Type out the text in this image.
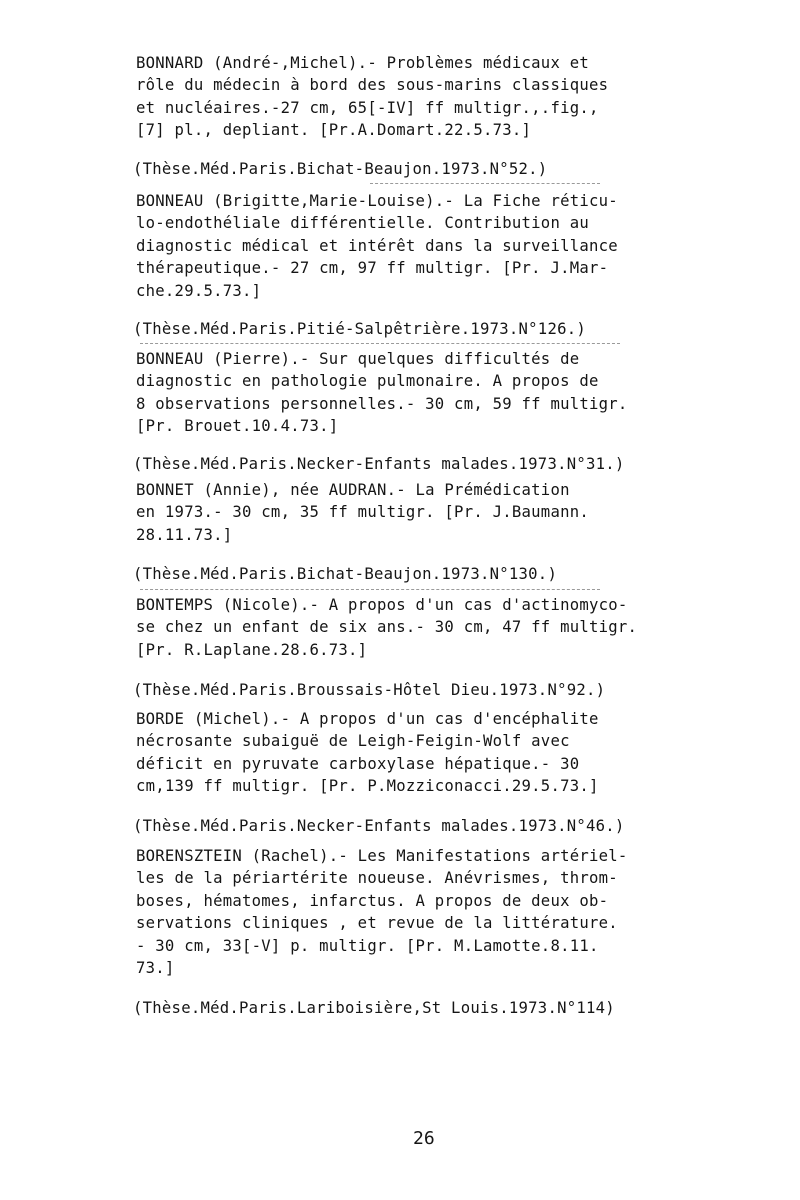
BONNARD (André-,Michel).- Problèmes médicaux et
rôle du médecin à bord des sous-marins classiques
et nucléaires.-27 cm, 65[-IV] ff multigr.,.fig.,
[7] pl., depliant. [Pr.A.Domart.22.5.73.]
(Thèse.Méd.Paris.Bichat-Beaujon.1973.N°52.)
BONNEAU (Brigitte,Marie-Louise).- La Fiche réticu-
lo-endothéliale différentielle. Contribution au
diagnostic médical et intérêt dans la surveillance
thérapeutique.- 27 cm, 97 ff multigr. [Pr. J.Mar-
che.29.5.73.]
(Thèse.Méd.Paris.Pitié-Salpêtrière.1973.N°126.)
BONNEAU (Pierre).- Sur quelques difficultés de
diagnostic en pathologie pulmonaire. A propos de
8 observations personnelles.- 30 cm, 59 ff multigr.
[Pr. Brouet.10.4.73.]
(Thèse.Méd.Paris.Necker-Enfants malades.1973.N°31.)
BONNET (Annie), née AUDRAN.- La Prémédication
en 1973.- 30 cm, 35 ff multigr. [Pr. J.Baumann.
28.11.73.]
(Thèse.Méd.Paris.Bichat-Beaujon.1973.N°130.)
BONTEMPS (Nicole).- A propos d'un cas d'actinomyco-
se chez un enfant de six ans.- 30 cm, 47 ff multigr.
[Pr. R.Laplane.28.6.73.]
(Thèse.Méd.Paris.Broussais-Hôtel Dieu.1973.N°92.)
BORDE (Michel).- A propos d'un cas d'encéphalite
nécrosante subaiguë de Leigh-Feigin-Wolf avec
déficit en pyruvate carboxylase hépatique.- 30
cm,139 ff multigr. [Pr. P.Mozziconacci.29.5.73.]
(Thèse.Méd.Paris.Necker-Enfants malades.1973.N°46.)
BORENSZTEIN (Rachel).- Les Manifestations artériel-
les de la périartérite noueuse. Anévrismes, throm-
boses, hématomes, infarctus. A propos de deux ob-
servations cliniques , et revue de la littérature.
- 30 cm, 33[-V] p. multigr. [Pr. M.Lamotte.8.11.
73.]
(Thèse.Méd.Paris.Lariboisière,St Louis.1973.N°114)
26
